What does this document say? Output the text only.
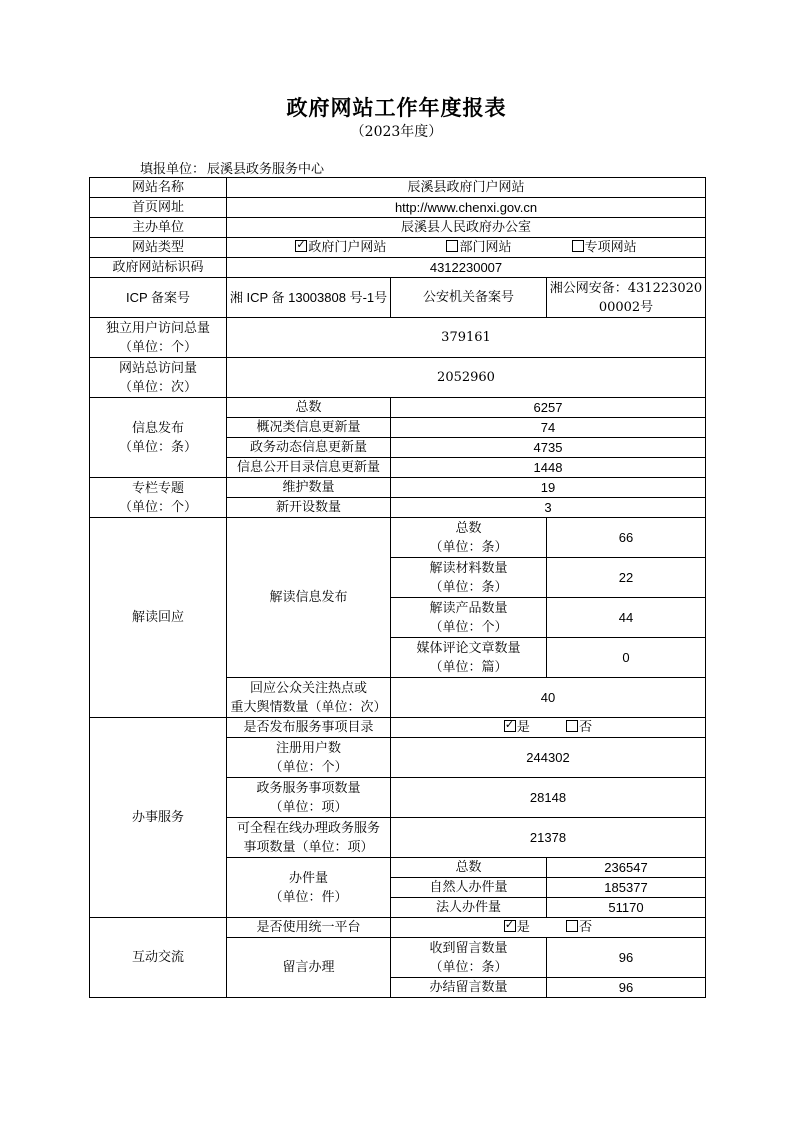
政府网站工作年度报表
（2023年度）
填报单位： 辰溪县政务服务中心
网站名称	辰溪县政府门户网站		
首页网址	http://www.chenxi.gov.cn		
主办单位	辰溪县人民政府办公室		
网站类型	✓政府门户网站 部门网站 专项网站
政府网站标识码	4312230007		
ICP 备案号	湘 ICP 备 13003808 号-1号	公安机关备案号	湘公网安备：43122302000002号
独立用户访问总量
（单位：个）	379161		
网站总访问量
（单位：次）	2052960		
信息发布
（单位：条）	总数	6257	
	概况类信息更新量	74	
	政务动态信息更新量	4735	
	信息公开目录信息更新量	1448	
专栏专题
（单位：个）	维护数量	19	
	新开设数量	3	
解读回应	解读信息发布	总数
（单位：条）	66
		解读材料数量
（单位：条）	22
		解读产品数量
（单位：个）	44
		媒体评论文章数量
（单位：篇）	0
	回应公众关注热点或
重大舆情数量（单位：次）	40	
办事服务	是否发布服务事项目录	✓是 否
	注册用户数
（单位：个）	244302	
	政务服务事项数量
（单位：项）	28148	
	可全程在线办理政务服务
事项数量（单位：项）	21378	
	办件量
（单位：件）	总数	236547
		自然人办件量	185377
		法人办件量	51170
互动交流	是否使用统一平台	✓是 否
	留言办理	收到留言数量
（单位：条）	96
		办结留言数量	96
